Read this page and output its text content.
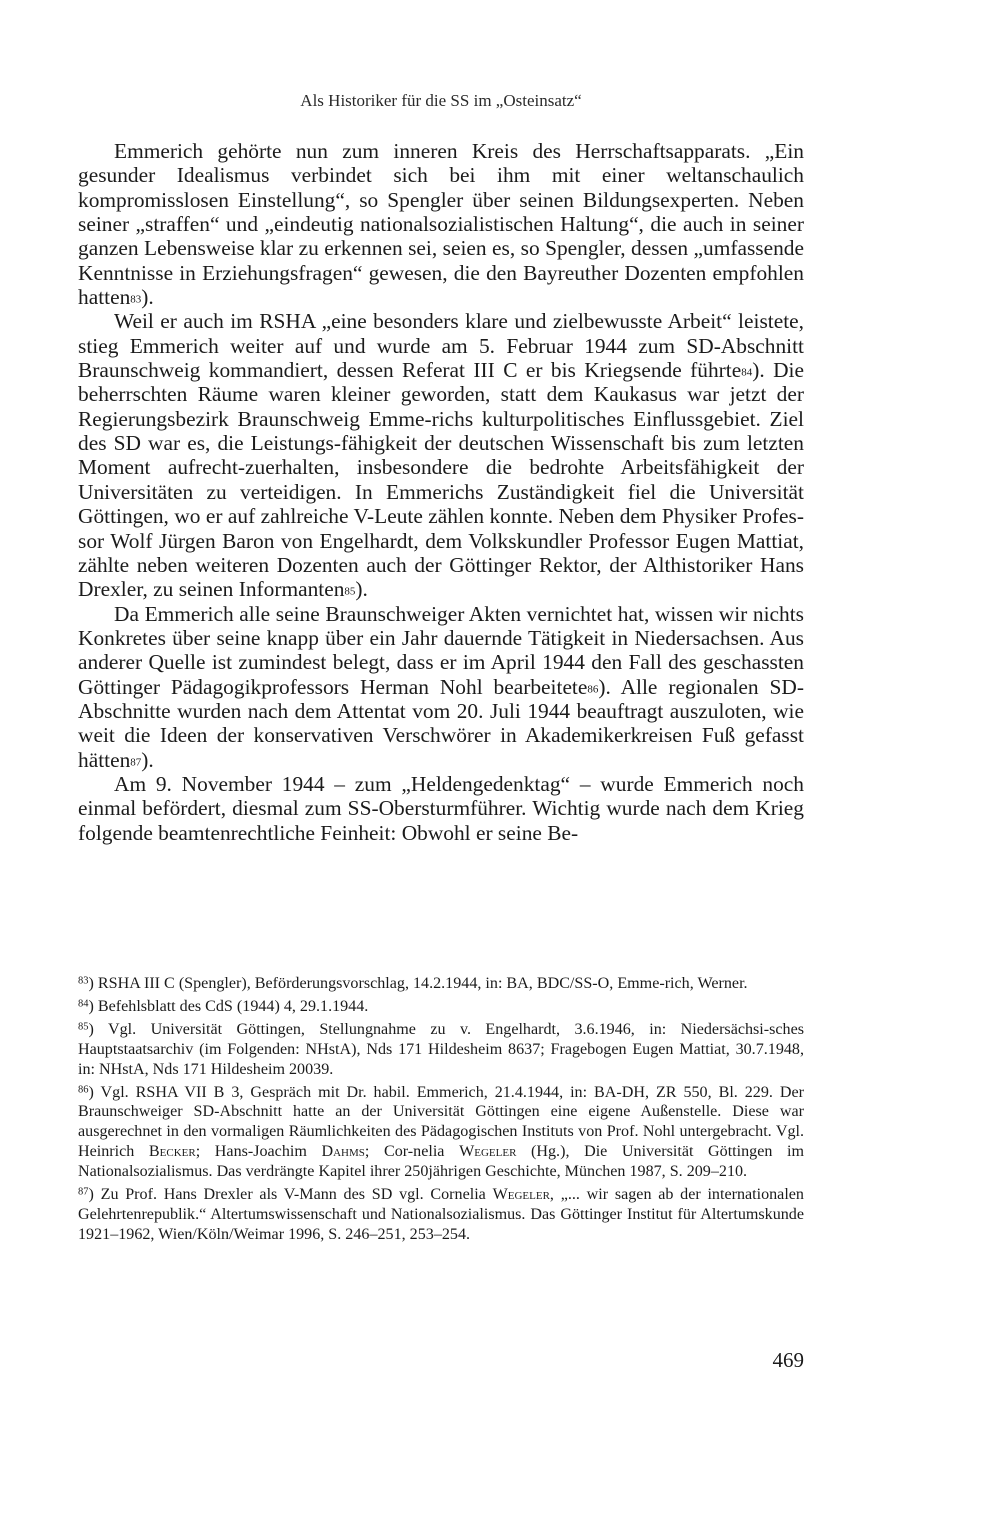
Als Historiker für die SS im „Osteinsatz“

Emmerich gehörte nun zum inneren Kreis des Herrschaftsapparats. „Ein gesunder Idealismus verbindet sich bei ihm mit einer weltanschaulich kompromisslosen Einstellung“, so Spengler über seinen Bildungsexperten. Neben seiner „straffen“ und „eindeutig nationalsozialistischen Haltung“, die auch in seiner ganzen Lebensweise klar zu erkennen sei, seien es, so Spengler, dessen „umfassende Kenntnisse in Erziehungsfragen“ gewesen, die den Bayreuther Dozenten empfohlen hatten$^{83}$).

Weil er auch im RSHA „eine besonders klare und zielbewusste Arbeit“ leistete, stieg Emmerich weiter auf und wurde am 5. Februar 1944 zum SD-Abschnitt Braunschweig kommandiert, dessen Referat III C er bis Kriegsende führte$^{84}$). Die beherrschten Räume waren kleiner geworden, statt dem Kaukasus war jetzt der Regierungsbezirk Braunschweig Emme-richs kulturpolitisches Einflussgebiet. Ziel des SD war es, die Leistungs-fähigkeit der deutschen Wissenschaft bis zum letzten Moment aufrecht-zuerhalten, insbesondere die bedrohte Arbeitsfähigkeit der Universitäten zu verteidigen. In Emmerichs Zuständigkeit fiel die Universität Göttingen, wo er auf zahlreiche V-Leute zählen konnte. Neben dem Physiker Profes-sor Wolf Jürgen Baron von Engelhardt, dem Volkskundler Professor Eugen Mattiat, zählte neben weiteren Dozenten auch der Göttinger Rektor, der Althistoriker Hans Drexler, zu seinen Informanten$^{85}$).

Da Emmerich alle seine Braunschweiger Akten vernichtet hat, wissen wir nichts Konkretes über seine knapp über ein Jahr dauernde Tätigkeit in Niedersachsen. Aus anderer Quelle ist zumindest belegt, dass er im April 1944 den Fall des geschassten Göttinger Pädagogikprofessors Herman Nohl bearbeitete$^{86}$). Alle regionalen SD-Abschnitte wurden nach dem Attentat vom 20. Juli 1944 beauftragt auszuloten, wie weit die Ideen der konservativen Verschwörer in Akademikerkreisen Fuß gefasst hätten$^{87}$).

Am 9. November 1944 – zum „Heldengedenktag“ – wurde Emmerich noch einmal befördert, diesmal zum SS-Obersturmführer. Wichtig wurde nach dem Krieg folgende beamtenrechtliche Feinheit: Obwohl er seine Be-

$^{83}$) RSHA III C (Spengler), Beförderungsvorschlag, 14.2.1944, in: BA, BDC/SS-O, Emme-rich, Werner.

$^{84}$) Befehlsblatt des CdS (1944) 4, 29.1.1944.

$^{85}$) Vgl. Universität Göttingen, Stellungnahme zu v. Engelhardt, 3.6.1946, in: Niedersächsi-sches Hauptstaatsarchiv (im Folgenden: NHstA), Nds 171 Hildesheim 8637; Fragebogen Eugen Mattiat, 30.7.1948, in: NHstA, Nds 171 Hildesheim 20039.

$^{86}$) Vgl. RSHA VII B 3, Gespräch mit Dr. habil. Emmerich, 21.4.1944, in: BA-DH, ZR 550, Bl. 229. Der Braunschweiger SD-Abschnitt hatte an der Universität Göttingen eine eigene Außenstelle. Diese war ausgerechnet in den vormaligen Räumlichkeiten des Pädagogischen Instituts von Prof. Nohl untergebracht. Vgl. Heinrich Becker; Hans-Joachim Dahms; Cor-nelia Wegeler (Hg.), Die Universität Göttingen im Nationalsozialismus. Das verdrängte Kapitel ihrer 250jährigen Geschichte, München 1987, S. 209–210.

$^{87}$) Zu Prof. Hans Drexler als V-Mann des SD vgl. Cornelia Wegeler, „... wir sagen ab der internationalen Gelehrtenrepublik.“ Altertumswissenschaft und Nationalsozialismus. Das Göttinger Institut für Altertumskunde 1921–1962, Wien/Köln/Weimar 1996, S. 246–251, 253–254.

469
